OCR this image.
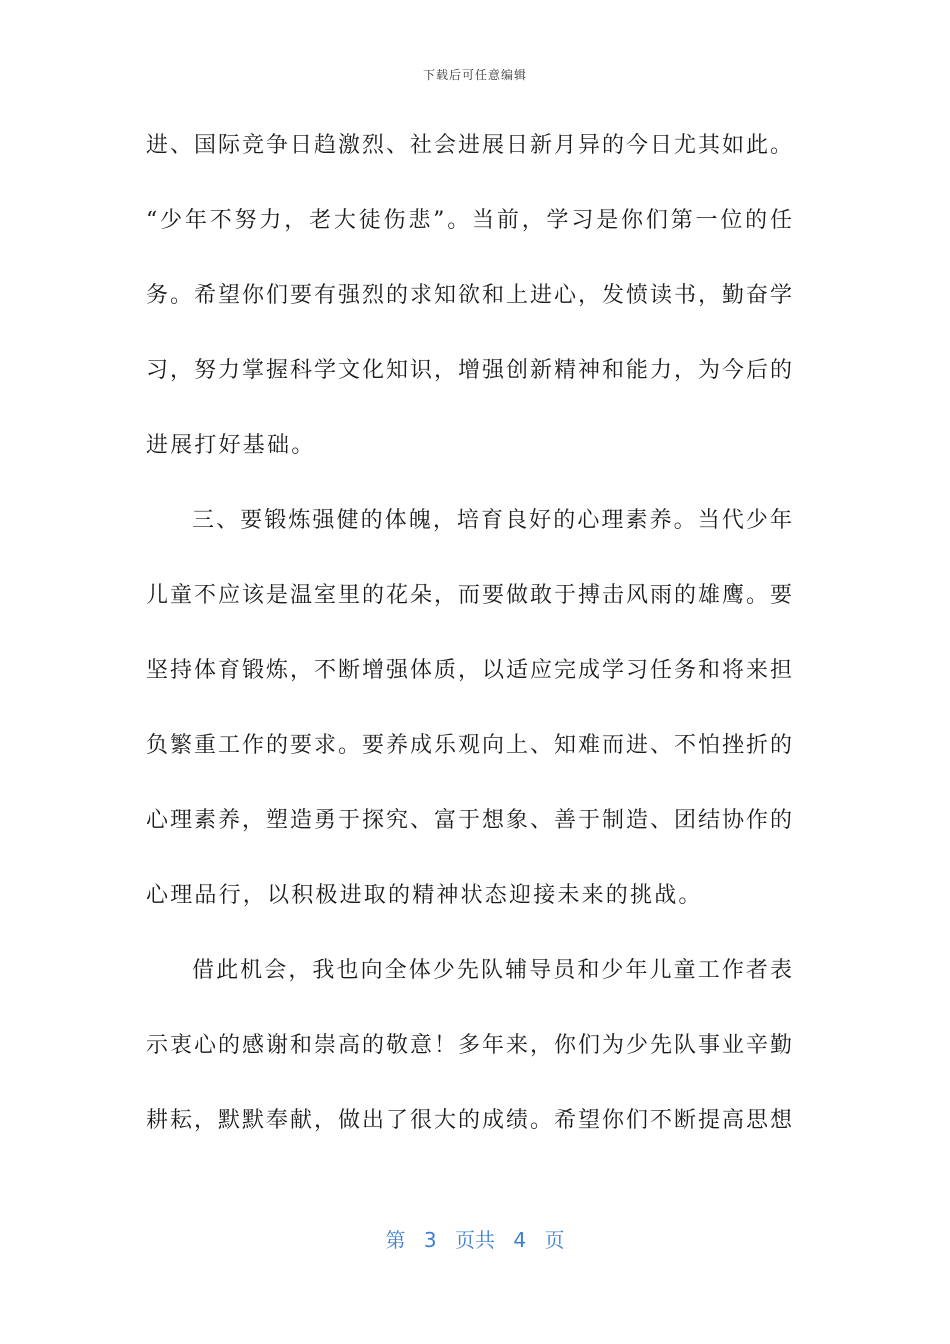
下载后可任意编辑
进、国际竞争日趋激烈、社会进展日新月异的今日尤其如此。
“少年不努力，老大徒伤悲”。当前，学习是你们第一位的任
务。希望你们要有强烈的求知欲和上进心，发愤读书，勤奋学
习，努力掌握科学文化知识，增强创新精神和能力，为今后的
进展打好基础。
三、要锻炼强健的体魄，培育良好的心理素养。当代少年
儿童不应该是温室里的花朵，而要做敢于搏击风雨的雄鹰。要
坚持体育锻炼，不断增强体质，以适应完成学习任务和将来担
负繁重工作的要求。要养成乐观向上、知难而进、不怕挫折的
心理素养，塑造勇于探究、富于想象、善于制造、团结协作的
心理品行，以积极进取的精神状态迎接未来的挑战。
借此机会，我也向全体少先队辅导员和少年儿童工作者表
示衷心的感谢和崇高的敬意！多年来，你们为少先队事业辛勤
耕耘，默默奉献，做出了很大的成绩。希望你们不断提高思想
第 3 页共 4 页
